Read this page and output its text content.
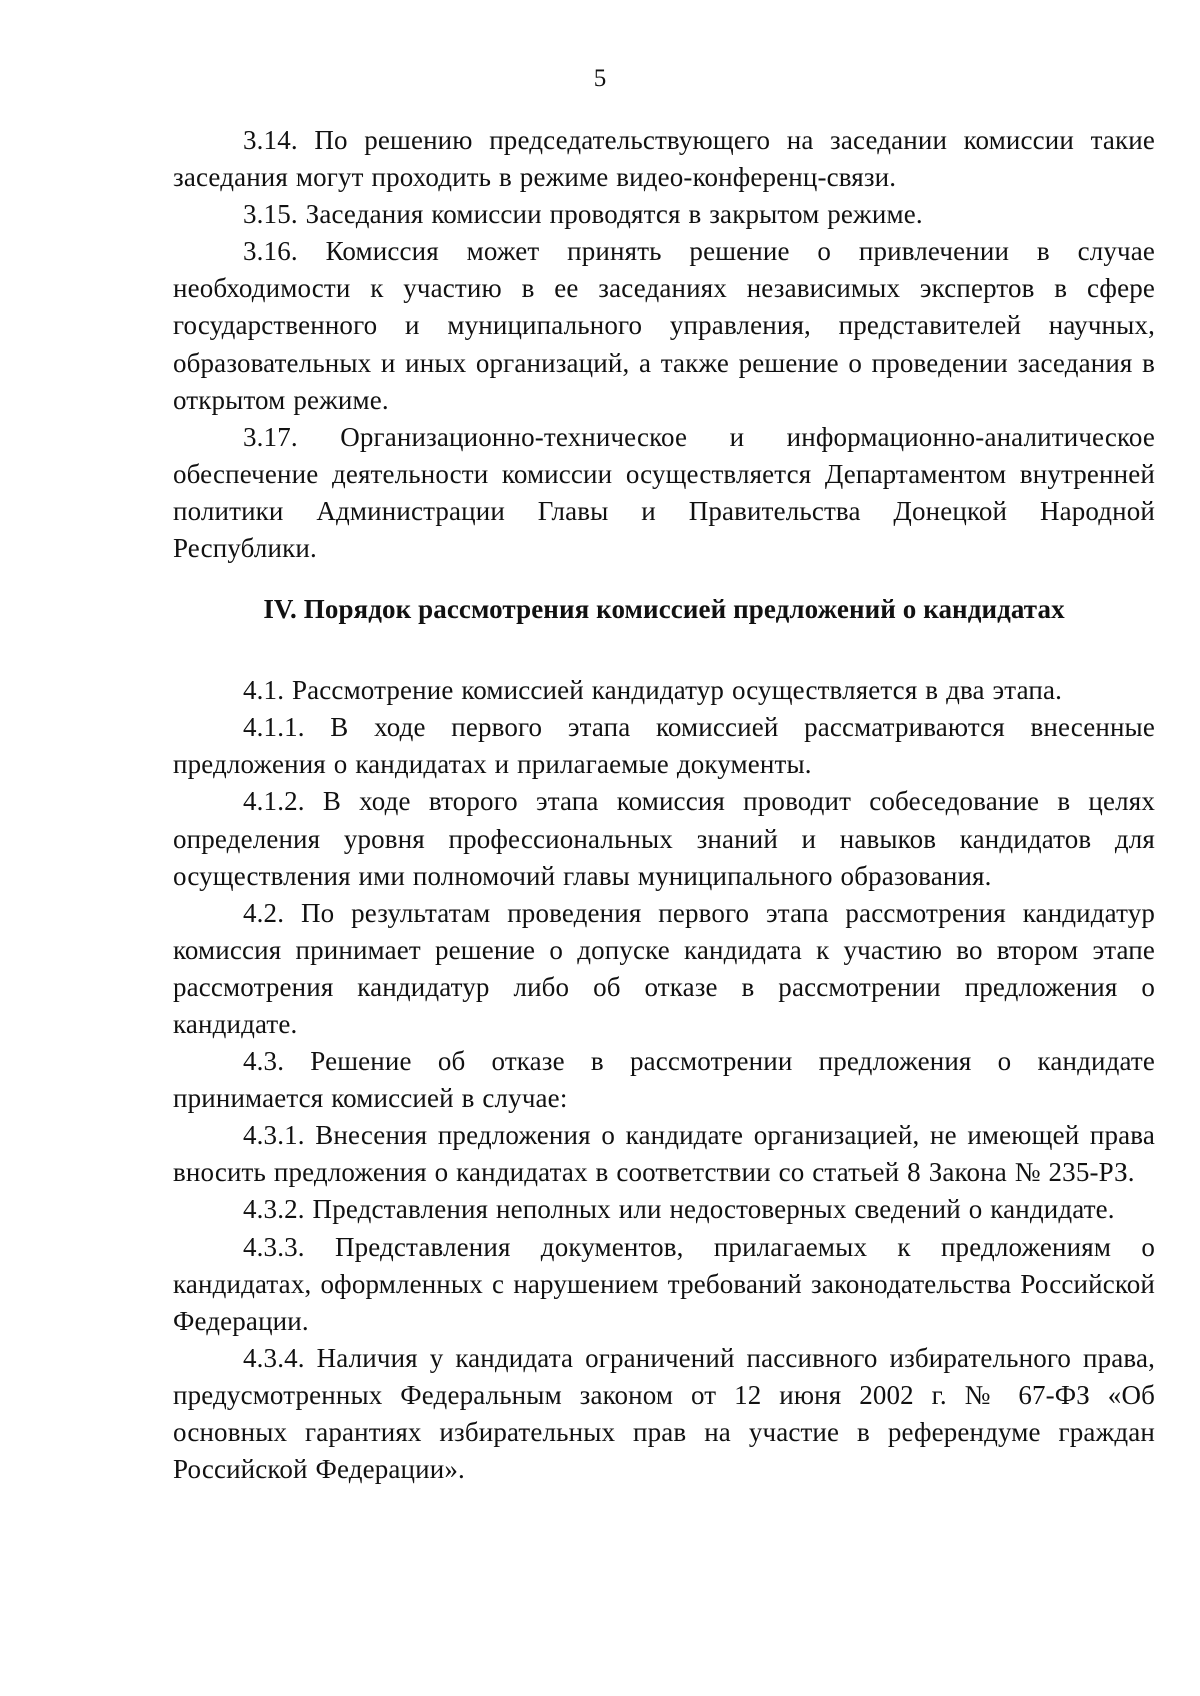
5

3.14. По решению председательствующего на заседании комиссии такие заседания могут проходить в режиме видео-конференц-связи.

3.15. Заседания комиссии проводятся в закрытом режиме.

3.16. Комиссия может принять решение о привлечении в случае необходимости к участию в ее заседаниях независимых экспертов в сфере государственного и муниципального управления, представителей научных, образовательных и иных организаций, а также решение о проведении заседания в открытом режиме.

3.17. Организационно-техническое и информационно-аналитическое обеспечение деятельности комиссии осуществляется Департаментом внутренней политики Администрации Главы и Правительства Донецкой Народной Республики.

IV. Порядок рассмотрения комиссией предложений о кандидатах

4.1. Рассмотрение комиссией кандидатур осуществляется в два этапа.

4.1.1. В ходе первого этапа комиссией рассматриваются внесенные предложения о кандидатах и прилагаемые документы.

4.1.2. В ходе второго этапа комиссия проводит собеседование в целях определения уровня профессиональных знаний и навыков кандидатов для осуществления ими полномочий главы муниципального образования.

4.2. По результатам проведения первого этапа рассмотрения кандидатур комиссия принимает решение о допуске кандидата к участию во втором этапе рассмотрения кандидатур либо об отказе в рассмотрении предложения о кандидате.

4.3. Решение об отказе в рассмотрении предложения о кандидате принимается комиссией в случае:

4.3.1. Внесения предложения о кандидате организацией, не имеющей права вносить предложения о кандидатах в соответствии со статьей 8 Закона № 235-РЗ.

4.3.2. Представления неполных или недостоверных сведений о кандидате.

4.3.3. Представления документов, прилагаемых к предложениям о кандидатах, оформленных с нарушением требований законодательства Российской Федерации.

4.3.4. Наличия у кандидата ограничений пассивного избирательного права, предусмотренных Федеральным законом от 12 июня 2002 г. № 67-ФЗ «Об основных гарантиях избирательных прав на участие в референдуме граждан Российской Федерации».
